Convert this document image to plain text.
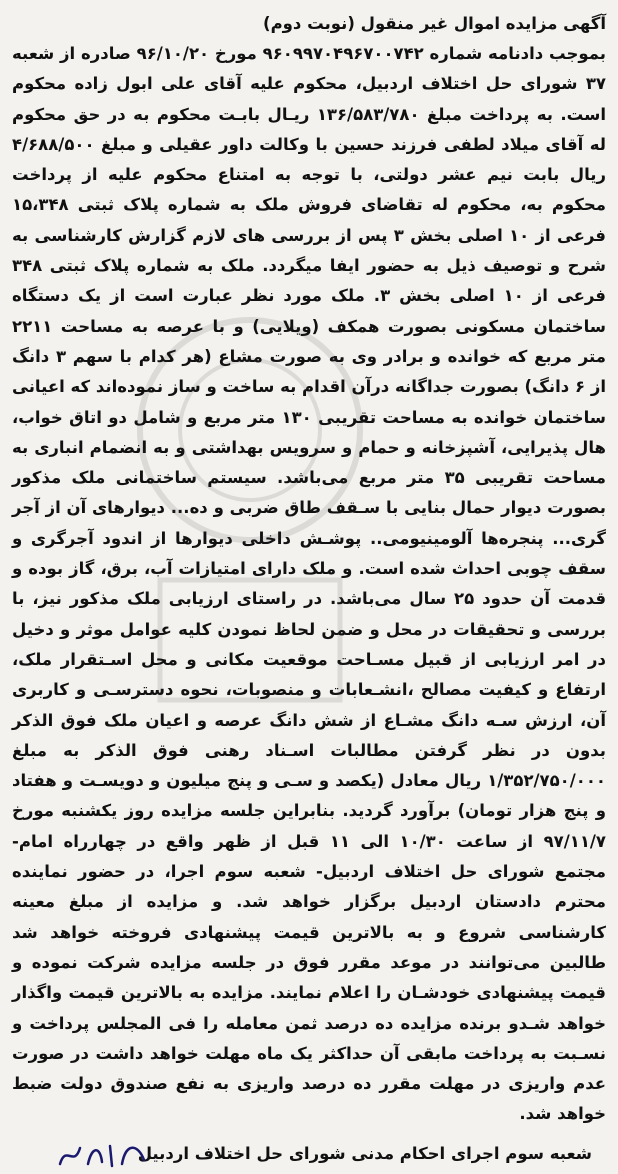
آگهی مزایده اموال غیر منقول (نوبت دوم)

بموجب دادنامه شماره ۹۶۰۹۹۷۰۴۹۶۷۰۰۷۴۲ مورخ ۹۶/۱۰/۲۰ صادره از شعبه ۳۷ شورای حل اختلاف اردبیل، محکوم علیه آقای علی ابول زاده محکوم است. به پرداخت مبلغ ۱۳۶/۵۸۳/۷۸۰ ریـال بابـت محکوم به در حق محکوم له آقای میلاد لطفی فرزند حسین با وکالت داور عقیلی و مبلغ ۴/۶۸۸/۵۰۰ ریال بابت نیم عشر دولتی، با توجه به امتناع محکوم علیه از پرداخت محکوم به، محکوم له تقاضای فروش ملک به شماره پلاک ثبتی ۱۵،۳۴۸ فرعی از ۱۰ اصلی بخش ۳ پس از بررسی های لازم گزارش کارشناسی به شرح و توصیف ذیل به حضور ایفا میگردد. ملک به شماره پلاک ثبتی ۳۴۸ فرعی از ۱۰ اصلی بخش ۳. ملک مورد نظر عبارت است از یک دستگاه ساختمان مسکونی بصورت همکف (ویلایی) و با عرصه به مساحت ۲۲۱۱ متر مربع که خوانده و برادر وی به صورت مشاع (هر کدام با سهم ۳ دانگ از ۶ دانگ) بصورت جداگانه درآن اقدام به ساخت و ساز نموده‌اند که اعیانی ساختمان خوانده به مساحت تقریبی ۱۳۰ متر مربع و شامل دو اتاق خواب، هال پذیرایی، آشپزخانه و حمام و سرویس بهداشتی و به انضمام انباری به مساحت تقریبی ۳۵ متر مربع می‌باشد. سیستم ساختمانی ملک مذکور بصورت دیوار حمال بنایی با سـقف طاق ضربی و ده... دیوارهای آن از آجر گری... پنجره‌ها آلومینیومی.. پوشـش داخلی دیوارها از اندود آجرگری و سقف چوبی احداث شده است. و ملک دارای امتیازات آب، برق، گاز بوده و قدمت آن حدود ۲۵ سال می‌باشد. در راستای ارزیابی ملک مذکور نیز، با بررسی و تحقیقات در محل و ضمن لحاظ نمودن کلیه عوامل موثر و دخیل در امر ارزیابی از قبیل مسـاحت موقعیت مکانی و محل اسـتقرار ملک، ارتفاع و کیفیت مصالح ،انشـعابات و منصوبات، نحوه دسترسـی و کاربری آن، ارزش سـه دانگ مشـاع از شش دانگ عرصه و اعیان ملک فوق الذکر بدون در نظر گرفتن مطالبات اسـناد رهنی فوق الذکر به مبلغ ۱/۳۵۲/۷۵۰/۰۰۰ ریال معادل (یکصد و سـی و پنج میلیون و دویسـت و هفتاد و پنج هزار تومان) برآورد گردید. بنابراین جلسه مزایده روز یکشنبه مورخ ۹۷/۱۱/۷ از ساعت ۱۰/۳۰ الی ۱۱ قبل از ظهر واقع در چهارراه امام- مجتمع شورای حل اختلاف اردبیل- شعبه سوم اجرا، در حضور نماینده محترم دادستان اردبیل برگزار خواهد شد. و مزایده از مبلغ معینه کارشناسی شروع و به بالاترین قیمت پیشنهادی فروخته خواهد شد طالبین می‌توانند در موعد مقرر فوق در جلسه مزایده شرکت نموده و قیمت پیشنهادی خودشـان را اعلام نمایند. مزایده به بالاترین قیمت واگذار خواهد شـدو برنده مزایده ده درصد ثمن معامله را فی المجلس پرداخت و نسـبت به پرداخت مابقی آن حداکثر یک ماه مهلت خواهد داشت در صورت عدم واریزی در مهلت مقرر ده درصد واریزی به نفع صندوق دولت ضبط خواهد شد.

شعبه سوم اجرای احکام مدنی شورای حل اختلاف اردبیل
